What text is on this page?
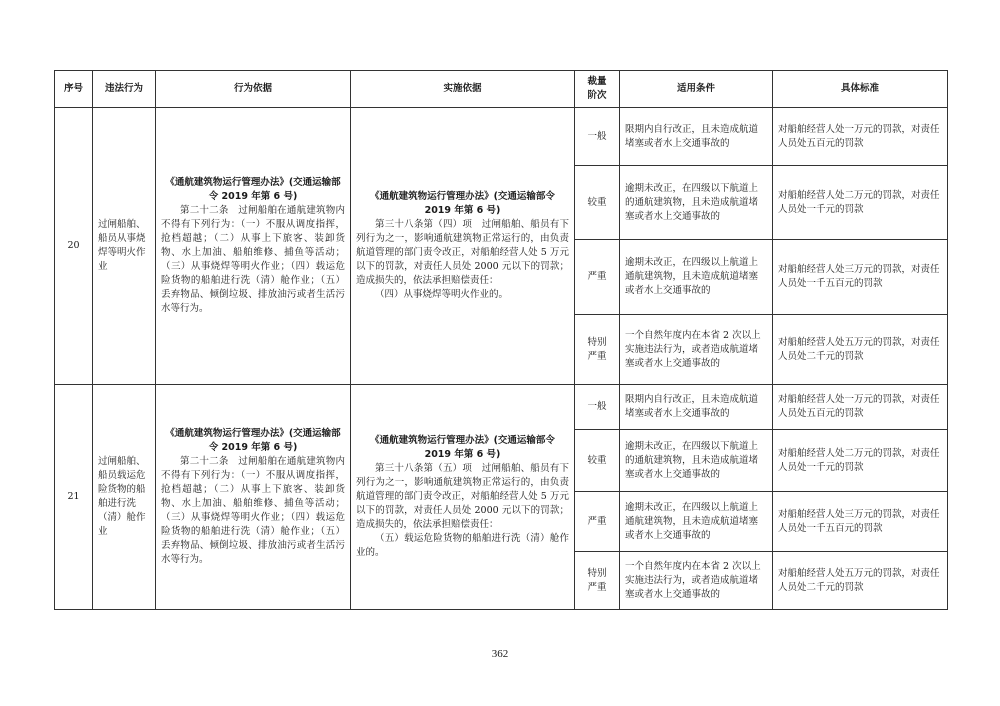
序号	违法行为	行为依据	实施依据	裁量阶次	适用条件	具体标准
20	过闸船舶、船员从事烧焊等明火作业	《通航建筑物运行管理办法》(交通运输部令 2019 年第 6 号)
第二十二条　过闸船舶在通航建筑物内不得有下列行为：（一）不服从调度指挥，抢档超越；（二）从事上下旅客、装卸货物、水上加油、船舶维修、捕鱼等活动；（三）从事烧焊等明火作业；（四）载运危险货物的船舶进行洗（清）舱作业；（五）丢弃物品、倾倒垃圾、排放油污或者生活污水等行为。	《通航建筑物运行管理办法》(交通运输部令 2019 年第 6 号)
第三十八条第（四）项　过闸船舶、船员有下列行为之一，影响通航建筑物正常运行的，由负责航道管理的部门责令改正，对船舶经营人处 5 万元以下的罚款，对责任人员处 2000 元以下的罚款；造成损失的，依法承担赔偿责任：
（四）从事烧焊等明火作业的。	一般	限期内自行改正，且未造成航道堵塞或者水上交通事故的	对船舶经营人处一万元的罚款，对责任人员处五百元的罚款
				较重	逾期未改正，在四级以下航道上的通航建筑物，且未造成航道堵塞或者水上交通事故的	对船舶经营人处二万元的罚款，对责任人员处一千元的罚款
				严重	逾期未改正，在四级以上航道上通航建筑物，且未造成航道堵塞或者水上交通事故的	对船舶经营人处三万元的罚款，对责任人员处一千五百元的罚款
				特别严重	一个自然年度内在本省 2 次以上实施违法行为，或者造成航道堵塞或者水上交通事故的	对船舶经营人处五万元的罚款，对责任人员处二千元的罚款
21	过闸船舶、船员载运危险货物的船舶进行洗（清）舱作业	《通航建筑物运行管理办法》(交通运输部令 2019 年第 6 号)
第二十二条　过闸船舶在通航建筑物内不得有下列行为：（一）不服从调度指挥，抢档超越；（二）从事上下旅客、装卸货物、水上加油、船舶维修、捕鱼等活动；（三）从事烧焊等明火作业；（四）载运危险货物的船舶进行洗（清）舱作业；（五）丢弃物品、倾倒垃圾、排放油污或者生活污水等行为。	《通航建筑物运行管理办法》(交通运输部令 2019 年第 6 号)
第三十八条第（五）项　过闸船舶、船员有下列行为之一，影响通航建筑物正常运行的，由负责航道管理的部门责令改正，对船舶经营人处 5 万元以下的罚款，对责任人员处 2000 元以下的罚款；造成损失的，依法承担赔偿责任：
（五）载运危险货物的船舶进行洗（清）舱作业的。	一般	限期内自行改正，且未造成航道堵塞或者水上交通事故的	对船舶经营人处一万元的罚款，对责任人员处五百元的罚款
				较重	逾期未改正，在四级以下航道上的通航建筑物，且未造成航道堵塞或者水上交通事故的	对船舶经营人处二万元的罚款，对责任人员处一千元的罚款
				严重	逾期未改正，在四级以上航道上通航建筑物，且未造成航道堵塞或者水上交通事故的	对船舶经营人处三万元的罚款，对责任人员处一千五百元的罚款
				特别严重	一个自然年度内在本省 2 次以上实施违法行为，或者造成航道堵塞或者水上交通事故的	对船舶经营人处五万元的罚款，对责任人员处二千元的罚款
362
